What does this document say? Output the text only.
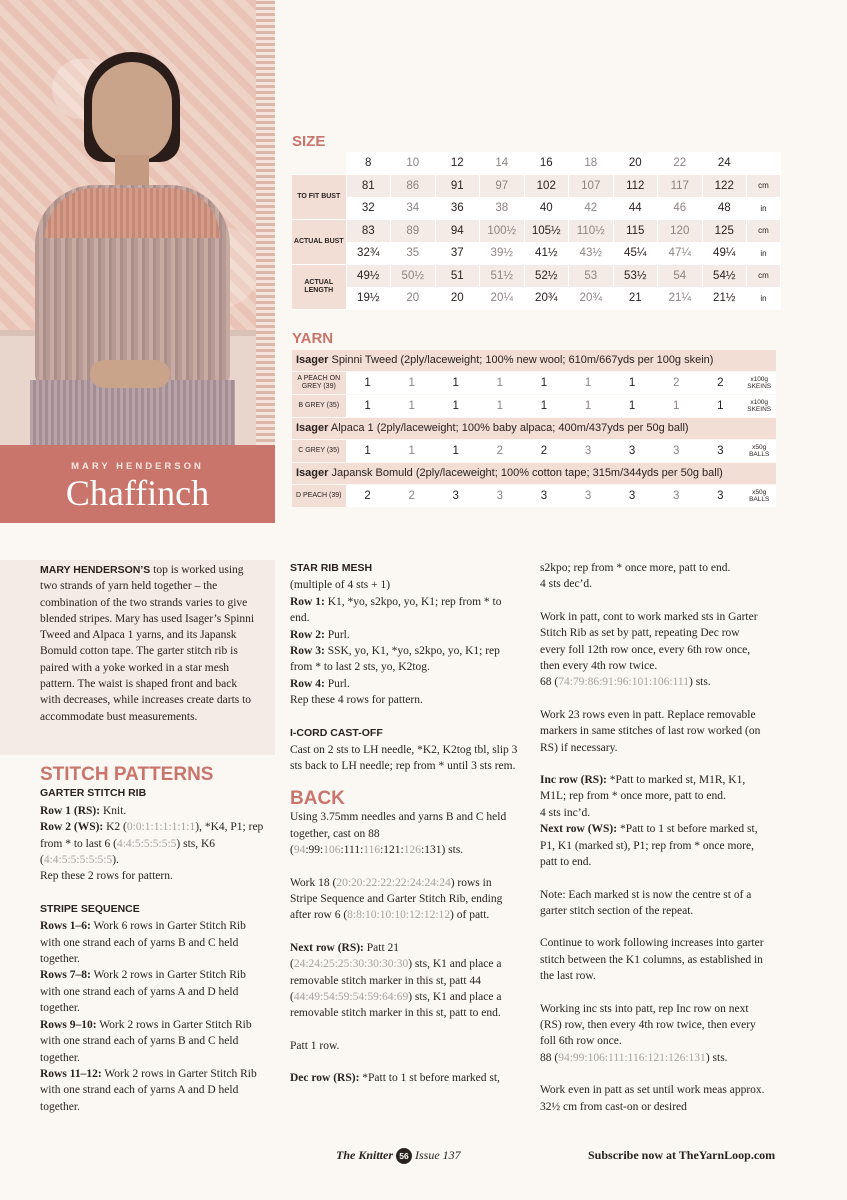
MARY HENDERSON
Chaffinch
SIZE
	8	10	12	14	16	18	20	22	24	
TO FIT BUST	81	86	91	97	102	107	112	117	122	cm
	32	34	36	38	40	42	44	46	48	in
ACTUAL BUST	83	89	94	100½	105½	110½	115	120	125	cm
	32¾	35	37	39½	41½	43½	45¼	47¼	49¼	in
ACTUAL LENGTH	49½	50½	51	51½	52½	53	53½	54	54½	cm
	19½	20	20	20¼	20¾	20¾	21	21¼	21½	in
YARN
Isager Spinni Tweed (2ply/laceweight; 100% new wool; 610m/667yds per 100g skein)
A PEACH ON GREY (39)	1	1	1	1	1	1	1	2	2	x100g SKEINS
B GREY (35)	1	1	1	1	1	1	1	1	1	x100g SKEINS
Isager Alpaca 1 (2ply/laceweight; 100% baby alpaca; 400m/437yds per 50g ball)
C GREY (35)	1	1	1	2	2	3	3	3	3	x50g BALLS
Isager Japansk Bomuld (2ply/laceweight; 100% cotton tape; 315m/344yds per 50g ball)
D PEACH (39)	2	2	3	3	3	3	3	3	3	x50g BALLS
MARY HENDERSON’S top is worked using two strands of yarn held together – the combination of the two strands varies to give blended stripes. Mary has used Isager’s Spinni Tweed and Alpaca 1 yarns, and its Japansk Bomuld cotton tape. The garter stitch rib is paired with a yoke worked in a star mesh pattern. The waist is shaped front and back with decreases, while increases create darts to accommodate bust measurements.
STITCH PATTERNS
GARTER STITCH RIB
Row 1 (RS): Knit.
Row 2 (WS): K2 (0:0:1:1:1:1:1:1), *K4, P1; rep from * to last 6 (4:4:5:5:5:5:5) sts, K6 (4:4:5:5:5:5:5:5).

Rep these 2 rows for pattern.

STRIPE SEQUENCE
Rows 1–6: Work 6 rows in Garter Stitch Rib with one strand each of yarns B and C held together.
Rows 7–8: Work 2 rows in Garter Stitch Rib with one strand each of yarns A and D held together.
Rows 9–10: Work 2 rows in Garter Stitch Rib with one strand each of yarns B and C held together.
Rows 11–12: Work 2 rows in Garter Stitch Rib with one strand each of yarns A and D held together.
STAR RIB MESH
(multiple of 4 sts + 1)
Row 1: K1, *yo, s2kpo, yo, K1; rep from * to end.
Row 2: Purl.
Row 3: SSK, yo, K1, *yo, s2kpo, yo, K1; rep from * to last 2 sts, yo, K2tog.
Row 4: Purl.

Rep these 4 rows for pattern.

I-CORD CAST-OFF

Cast on 2 sts to LH needle, *K2, K2tog tbl, slip 3 sts back to LH needle; rep from * until 3 sts rem.

BACK

Using 3.75mm needles and yarns B and C held together, cast on 88 (94:99:106:111:116:121:126:131) sts.

Work 18 (20:20:22:22:22:24:24:24) rows in Stripe Sequence and Garter Stitch Rib, ending after row 6 (8:8:10:10:10:12:12:12) of patt.

Next row (RS): Patt 21 (24:24:25:25:30:30:30:30) sts, K1 and place a removable stitch marker in this st, patt 44 (44:49:54:59:54:59:64:69) sts, K1 and place a removable stitch marker in this st, patt to end.

Patt 1 row.

Dec row (RS): *Patt to 1 st before marked st,
s2kpo; rep from * once more, patt to end.

4 sts dec’d.

Work in patt, cont to work marked sts in Garter Stitch Rib as set by patt, repeating Dec row every foll 12th row once, every 6th row once, then every 4th row twice.
68 (74:79:86:91:96:101:106:111) sts.

Work 23 rows even in patt. Replace removable markers in same stitches of last row worked (on RS) if necessary.

Inc row (RS): *Patt to marked st, M1R, K1, M1L; rep from * once more, patt to end.
4 sts inc’d.

Next row (WS): *Patt to 1 st before marked st, P1, K1 (marked st), P1; rep from * once more, patt to end.

Note: Each marked st is now the centre st of a garter stitch section of the repeat.

Continue to work following increases into garter stitch between the K1 columns, as established in the last row.

Working inc sts into patt, rep Inc row on next (RS) row, then every 4th row twice, then every foll 6th row once.
88 (94:99:106:111:116:121:126:131) sts.

Work even in patt as set until work meas approx. 32½ cm from cast-on or desired
The Knitter 56 Issue 137	Subscribe now at TheYarnLoop.com
